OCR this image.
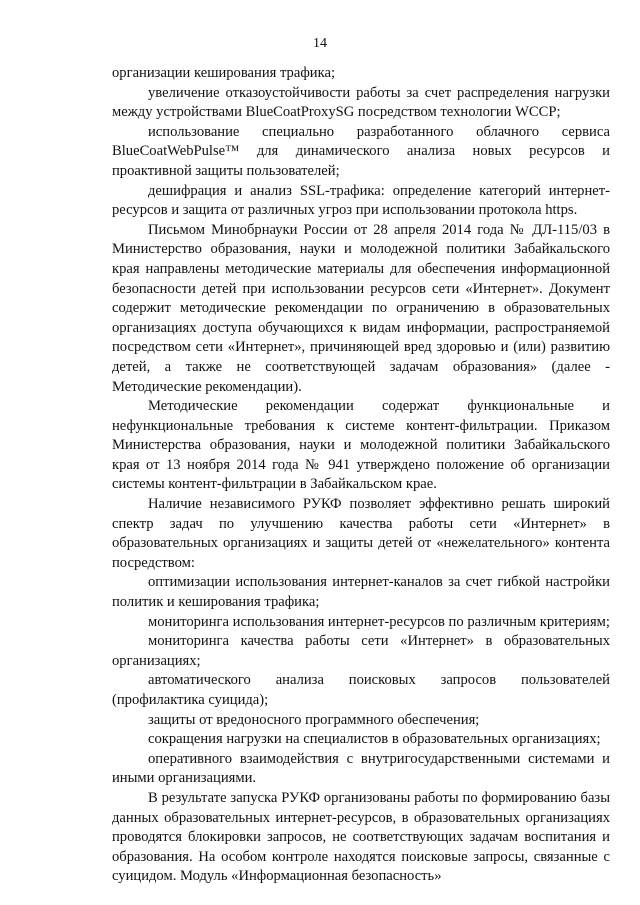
14

организации кеширования трафика;

увеличение отказоустойчивости работы за счет распределения нагрузки между устройствами BlueCoatProxySG посредством технологии WCCP;

использование специально разработанного облачного сервиса BlueCoatWebPulse™ для динамического анализа новых ресурсов и проактивной защиты пользователей;

дешифрация и анализ SSL-трафика: определение категорий интернет-ресурсов и защита от различных угроз при использовании протокола https.

Письмом Минобрнауки России от 28 апреля 2014 года № ДЛ-115/03 в Министерство образования, науки и молодежной политики Забайкальского края направлены методические материалы для обеспечения информационной безопасности детей при использовании ресурсов сети «Интернет». Документ содержит методические рекомендации по ограничению в образовательных организациях доступа обучающихся к видам информации, распространяемой посредством сети «Интернет», причиняющей вред здоровью и (или) развитию детей, а также не соответствующей задачам образования» (далее - Методические рекомендации).

Методические рекомендации содержат функциональные и нефункциональные требования к системе контент-фильтрации. Приказом Министерства образования, науки и молодежной политики Забайкальского края от 13 ноября 2014 года № 941 утверждено положение об организации системы контент-фильтрации в Забайкальском крае.

Наличие независимого РУКФ позволяет эффективно решать широкий спектр задач по улучшению качества работы сети «Интернет» в образовательных организациях и защиты детей от «нежелательного» контента посредством:

оптимизации использования интернет-каналов за счет гибкой настройки политик и кеширования трафика;

мониторинга использования интернет-ресурсов по различным критериям;

мониторинга качества работы сети «Интернет» в образовательных организациях;

автоматического анализа поисковых запросов пользователей (профилактика суицида);

защиты от вредоносного программного обеспечения;

сокращения нагрузки на специалистов в образовательных организациях;

оперативного взаимодействия с внутригосударственными системами и иными организациями.

В результате запуска РУКФ организованы работы по формированию базы данных образовательных интернет-ресурсов, в образовательных организациях проводятся блокировки запросов, не соответствующих задачам воспитания и образования. На особом контроле находятся поисковые запросы, связанные с суицидом. Модуль «Информационная безопасность»
